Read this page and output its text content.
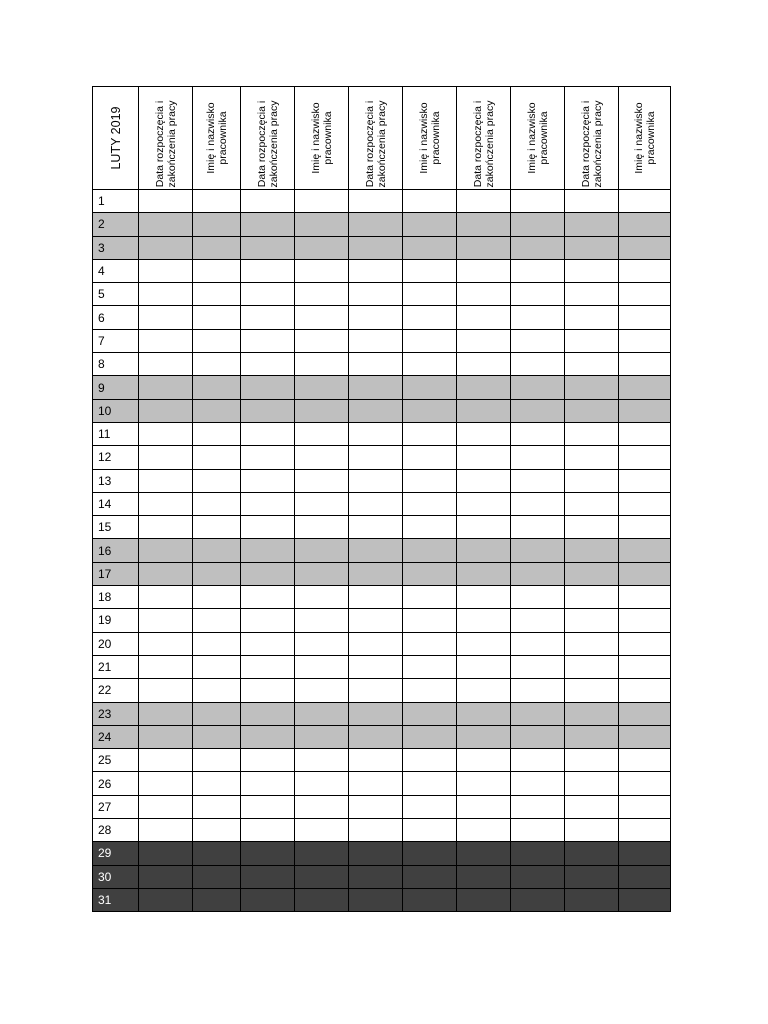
LUTY 2019	Data rozpoczęcia i zakończenia pracy	Imię i nazwisko pracownika	Data rozpoczęcia i zakończenia pracy	Imię i nazwisko pracownika	Data rozpoczęcia i zakończenia pracy	Imię i nazwisko pracownika	Data rozpoczęcia i zakończenia pracy	Imię i nazwisko pracownika	Data rozpoczęcia i zakończenia pracy	Imię i nazwisko pracownika

1										
2										
3										
4										
5										
6										
7										
8										
9										
10										
11										
12										
13										
14										
15										
16										
17										
18										
19										
20										
21										
22										
23										
24										
25										
26										
27										
28										
29										
30										
31										
